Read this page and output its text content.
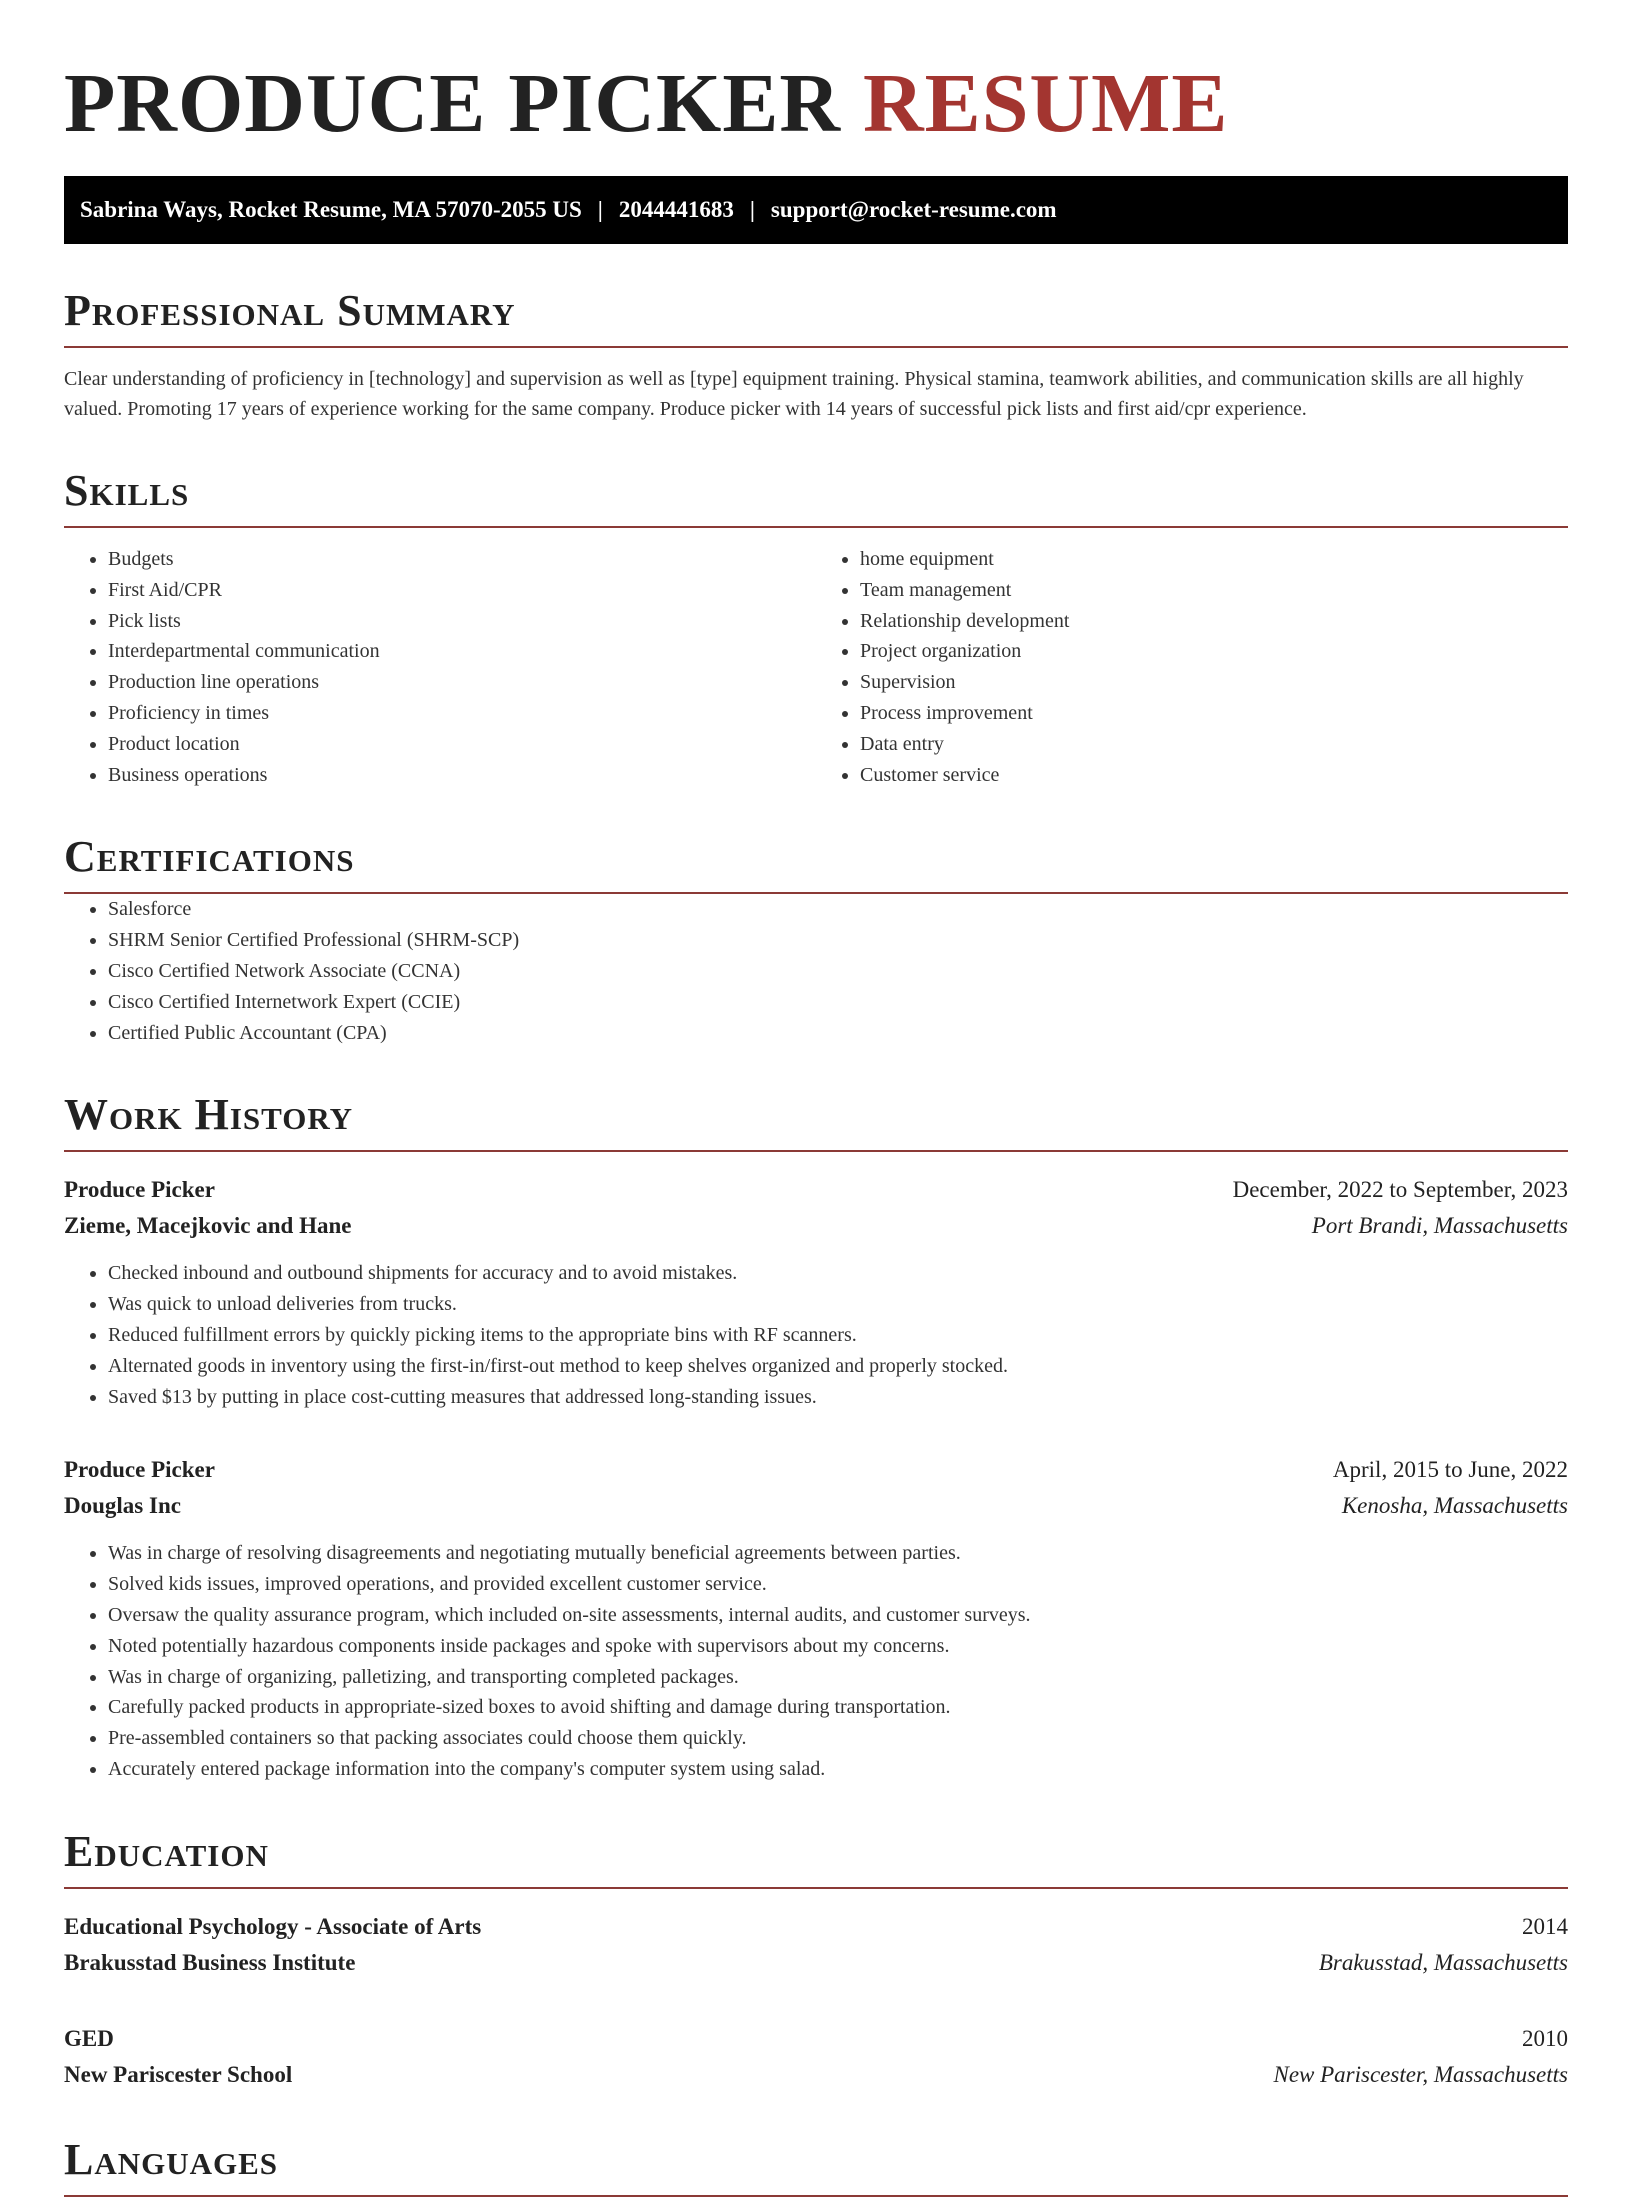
PRODUCE PICKER RESUME
Sabrina Ways, Rocket Resume, MA 57070-2055 US | 2044441683 | support@rocket-resume.com
Professional Summary

Clear understanding of proficiency in [technology] and supervision as well as [type] equipment training. Physical stamina, teamwork abilities, and communication skills are all highly valued. Promoting 17 years of experience working for the same company. Produce picker with 14 years of successful pick lists and first aid/cpr experience.

Skills
• Budgets
• First Aid/CPR
• Pick lists
• Interdepartmental communication
• Production line operations
• Proficiency in times
• Product location
• Business operations
• home equipment
• Team management
• Relationship development
• Project organization
• Supervision
• Process improvement
• Data entry
• Customer service
Certifications
• Salesforce
• SHRM Senior Certified Professional (SHRM-SCP)
• Cisco Certified Network Associate (CCNA)
• Cisco Certified Internetwork Expert (CCIE)
• Certified Public Accountant (CPA)
Work History
Produce Picker	December, 2022 to September, 2023
Zieme, Macejkovic and Hane	Port Brandi, Massachusetts
• Checked inbound and outbound shipments for accuracy and to avoid mistakes.
• Was quick to unload deliveries from trucks.
• Reduced fulfillment errors by quickly picking items to the appropriate bins with RF scanners.
• Alternated goods in inventory using the first-in/first-out method to keep shelves organized and properly stocked.
• Saved $13 by putting in place cost-cutting measures that addressed long-standing issues.
Produce Picker	April, 2015 to June, 2022
Douglas Inc	Kenosha, Massachusetts
• Was in charge of resolving disagreements and negotiating mutually beneficial agreements between parties.
• Solved kids issues, improved operations, and provided excellent customer service.
• Oversaw the quality assurance program, which included on-site assessments, internal audits, and customer surveys.
• Noted potentially hazardous components inside packages and spoke with supervisors about my concerns.
• Was in charge of organizing, palletizing, and transporting completed packages.
• Carefully packed products in appropriate-sized boxes to avoid shifting and damage during transportation.
• Pre-assembled containers so that packing associates could choose them quickly.
• Accurately entered package information into the company's computer system using salad.
Education
Educational Psychology - Associate of Arts	2014
Brakusstad Business Institute	Brakusstad, Massachusetts
GED	2010
New Pariscester School	New Pariscester, Massachusetts
Languages
